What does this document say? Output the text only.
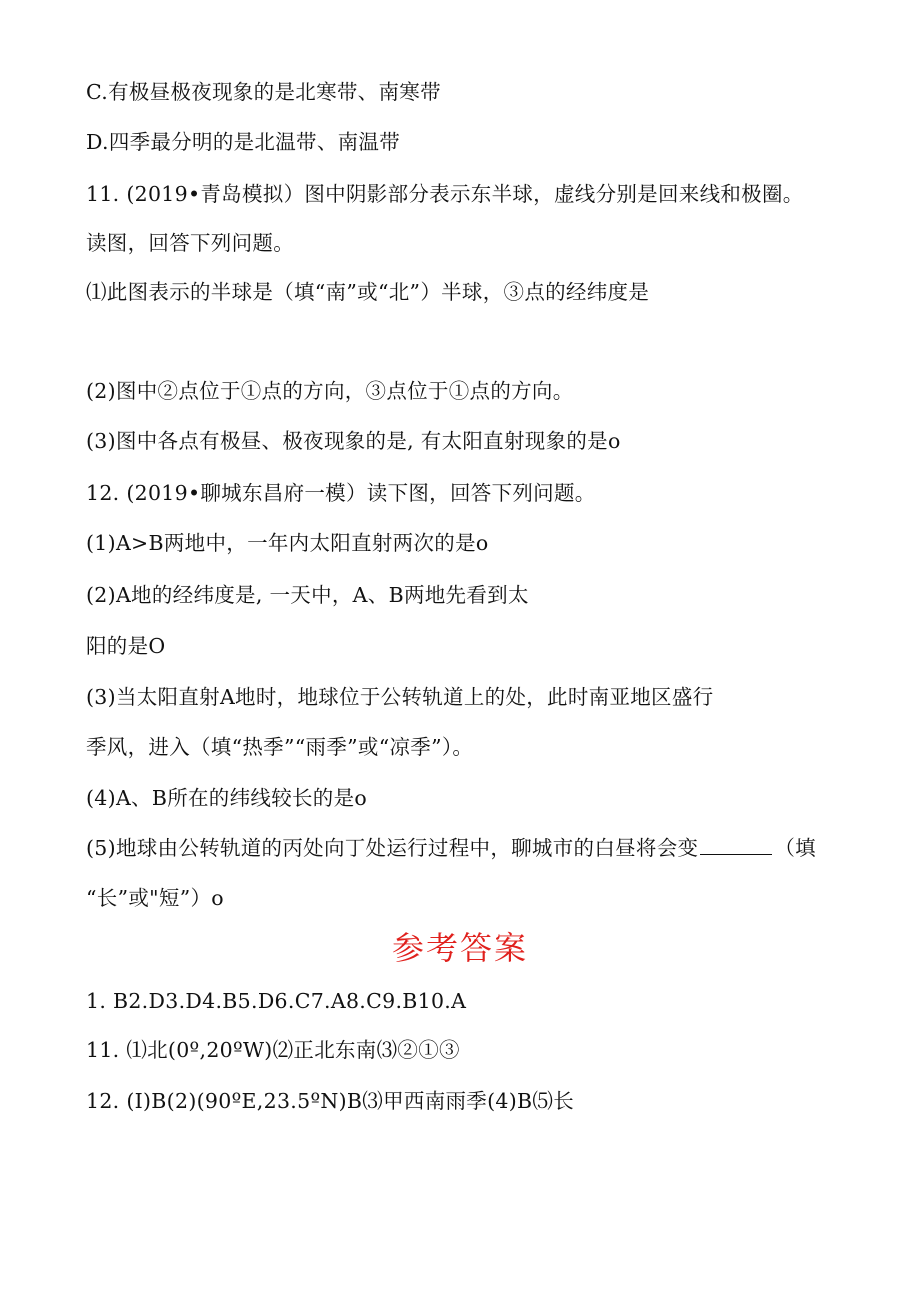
C.有极昼极夜现象的是北寒带、南寒带
D.四季最分明的是北温带、南温带
11. (2019•青岛模拟）图中阴影部分表示东半球，虚线分别是回来线和极圈。
读图，回答下列问题。
⑴此图表示的半球是（填“南”或“北”）半球，③点的经纬度是
(2)图中②点位于①点的方向，③点位于①点的方向。
(3)图中各点有极昼、极夜现象的是, 有太阳直射现象的是o
12. (2019•聊城东昌府一模）读下图，回答下列问题。
(1)A>B两地中，一年内太阳直射两次的是o
(2)A地的经纬度是, 一天中，A、B两地先看到太
阳的是O
(3)当太阳直射A地时，地球位于公转轨道上的处，此时南亚地区盛行
季风，进入（填“热季”“雨季”或“凉季”）。
(4)A、B所在的纬线较长的是o
(5)地球由公转轨道的丙处向丁处运行过程中，聊城市的白昼将会变	（填
“长”或"短”）o
参考答案
1. B2.D3.D4.B5.D6.C7.A8.C9.B10.A
11. ⑴北(0º,20ºW)⑵正北东南⑶②①③
12. (I)B(2)(90ºE,23.5ºN)B⑶甲西南雨季(4)B⑸长
